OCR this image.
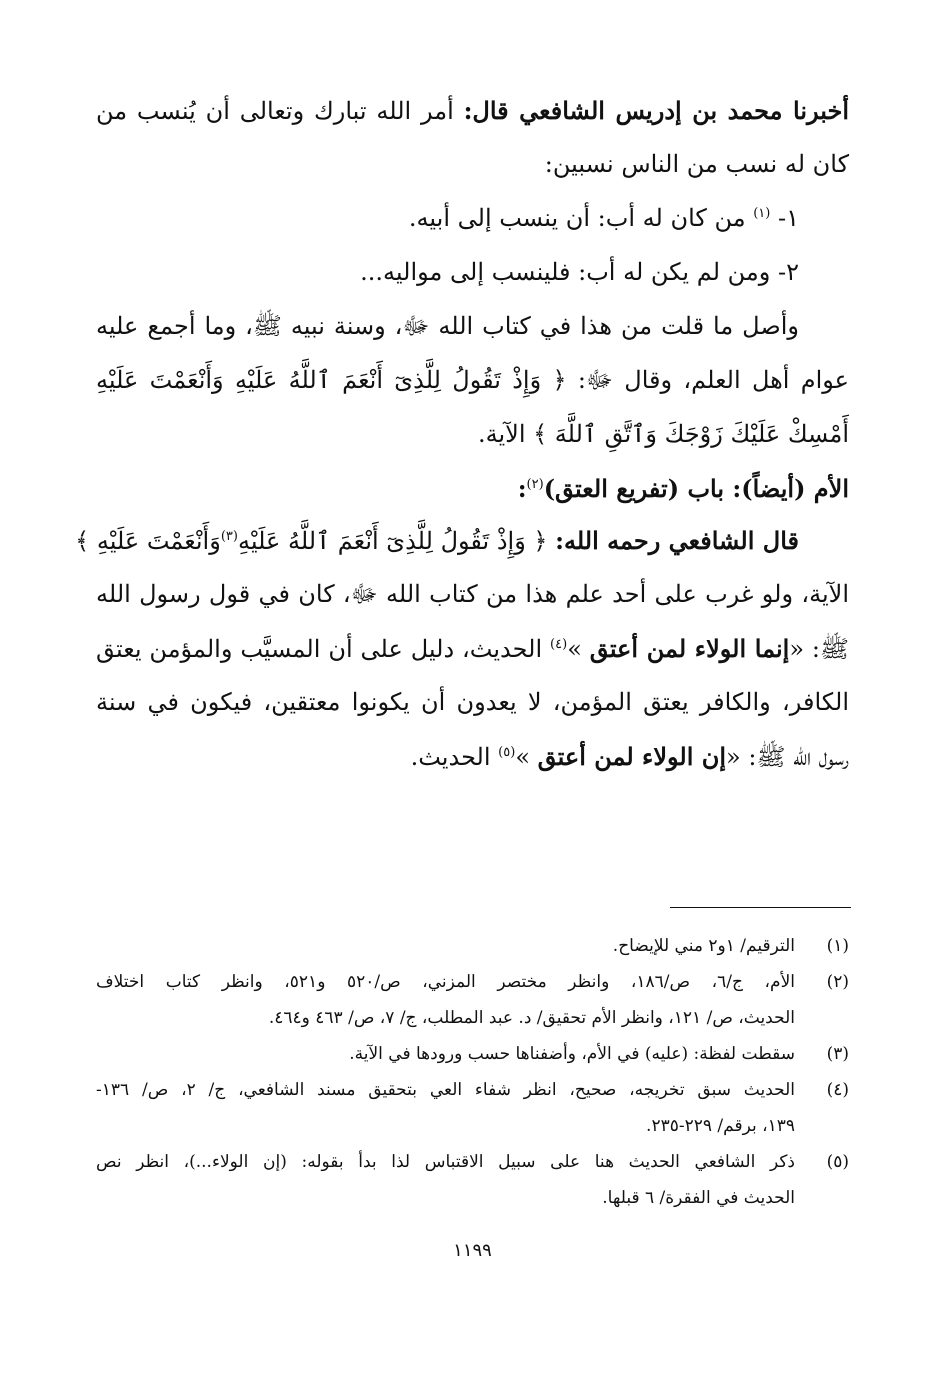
أخبرنا محمد بن إدريس الشافعي قال: أمر الله تبارك وتعالى أن يُنسب من
كان له نسب من الناس نسبين:
١- $^{(١)}$ من كان له أب: أن ينسب إلى أبيه.
٢- ومن لم يكن له أب: فلينسب إلى مواليه...
وأصل ما قلت من هذا في كتاب الله ﷻ، وسنة نبيه ﷺ، وما أجمع عليه
عوام أهل العلم، وقال ﷻ: ﴿ وَإِذْ تَقُولُ لِلَّذِىٓ أَنْعَمَ ٱللَّهُ عَلَيْهِ وَأَنْعَمْتَ عَلَيْهِ
أَمْسِكْ عَلَيْكَ زَوْجَكَ وَٱتَّقِ ٱللَّهَ ﴾ الآية.
الأم (أيضاً): باب (تفريع العتق)$^{(٢)}$:
قال الشافعي رحمه الله: ﴿ وَإِذْ تَقُولُ لِلَّذِىٓ أَنْعَمَ ٱللَّهُ عَلَيْهِ$^{(٣)}$وَأَنْعَمْتَ عَلَيْهِ ﴾
الآية، ولو غرب على أحد علم هذا من كتاب الله ﷻ، كان في قول رسول الله
ﷺ: «إنما الولاء لمن أعتق »$^{(٤)}$ الحديث، دليل على أن المسيَّب والمؤمن يعتق
الكافر، والكافر يعتق المؤمن، لا يعدون أن يكونوا معتقين، فيكون في سنة
رسول الله ﷺ: «إن الولاء لمن أعتق »$^{(٥)}$ الحديث.
(١)
الترقيم/ ١و٢ مني للإيضاح.
(٢)
الأم، ج/٦، ص/١٨٦، وانظر مختصر المزني، ص/٥٢٠ و٥٢١، وانظر كتاب اختلاف
الحديث، ص/ ١٢١، وانظر الأم تحقيق/ د. عبد المطلب، ج/ ٧، ص/ ٤٦٣ و٤٦٤.
(٣)
سقطت لفظة: (عليه) في الأم، وأضفناها حسب ورودها في الآية.
(٤)
الحديث سبق تخريجه، صحيح، انظر شفاء العي بتحقيق مسند الشافعي، ج/ ٢، ص/ ١٣٦-
١٣٩، برقم/ ٢٢٩-٢٣٥.
(٥)
ذكر الشافعي الحديث هنا على سبيل الاقتباس لذا بدأ بقوله: (إن الولاء...)، انظر نص
الحديث في الفقرة/ ٦ قبلها.
١١٩٩
